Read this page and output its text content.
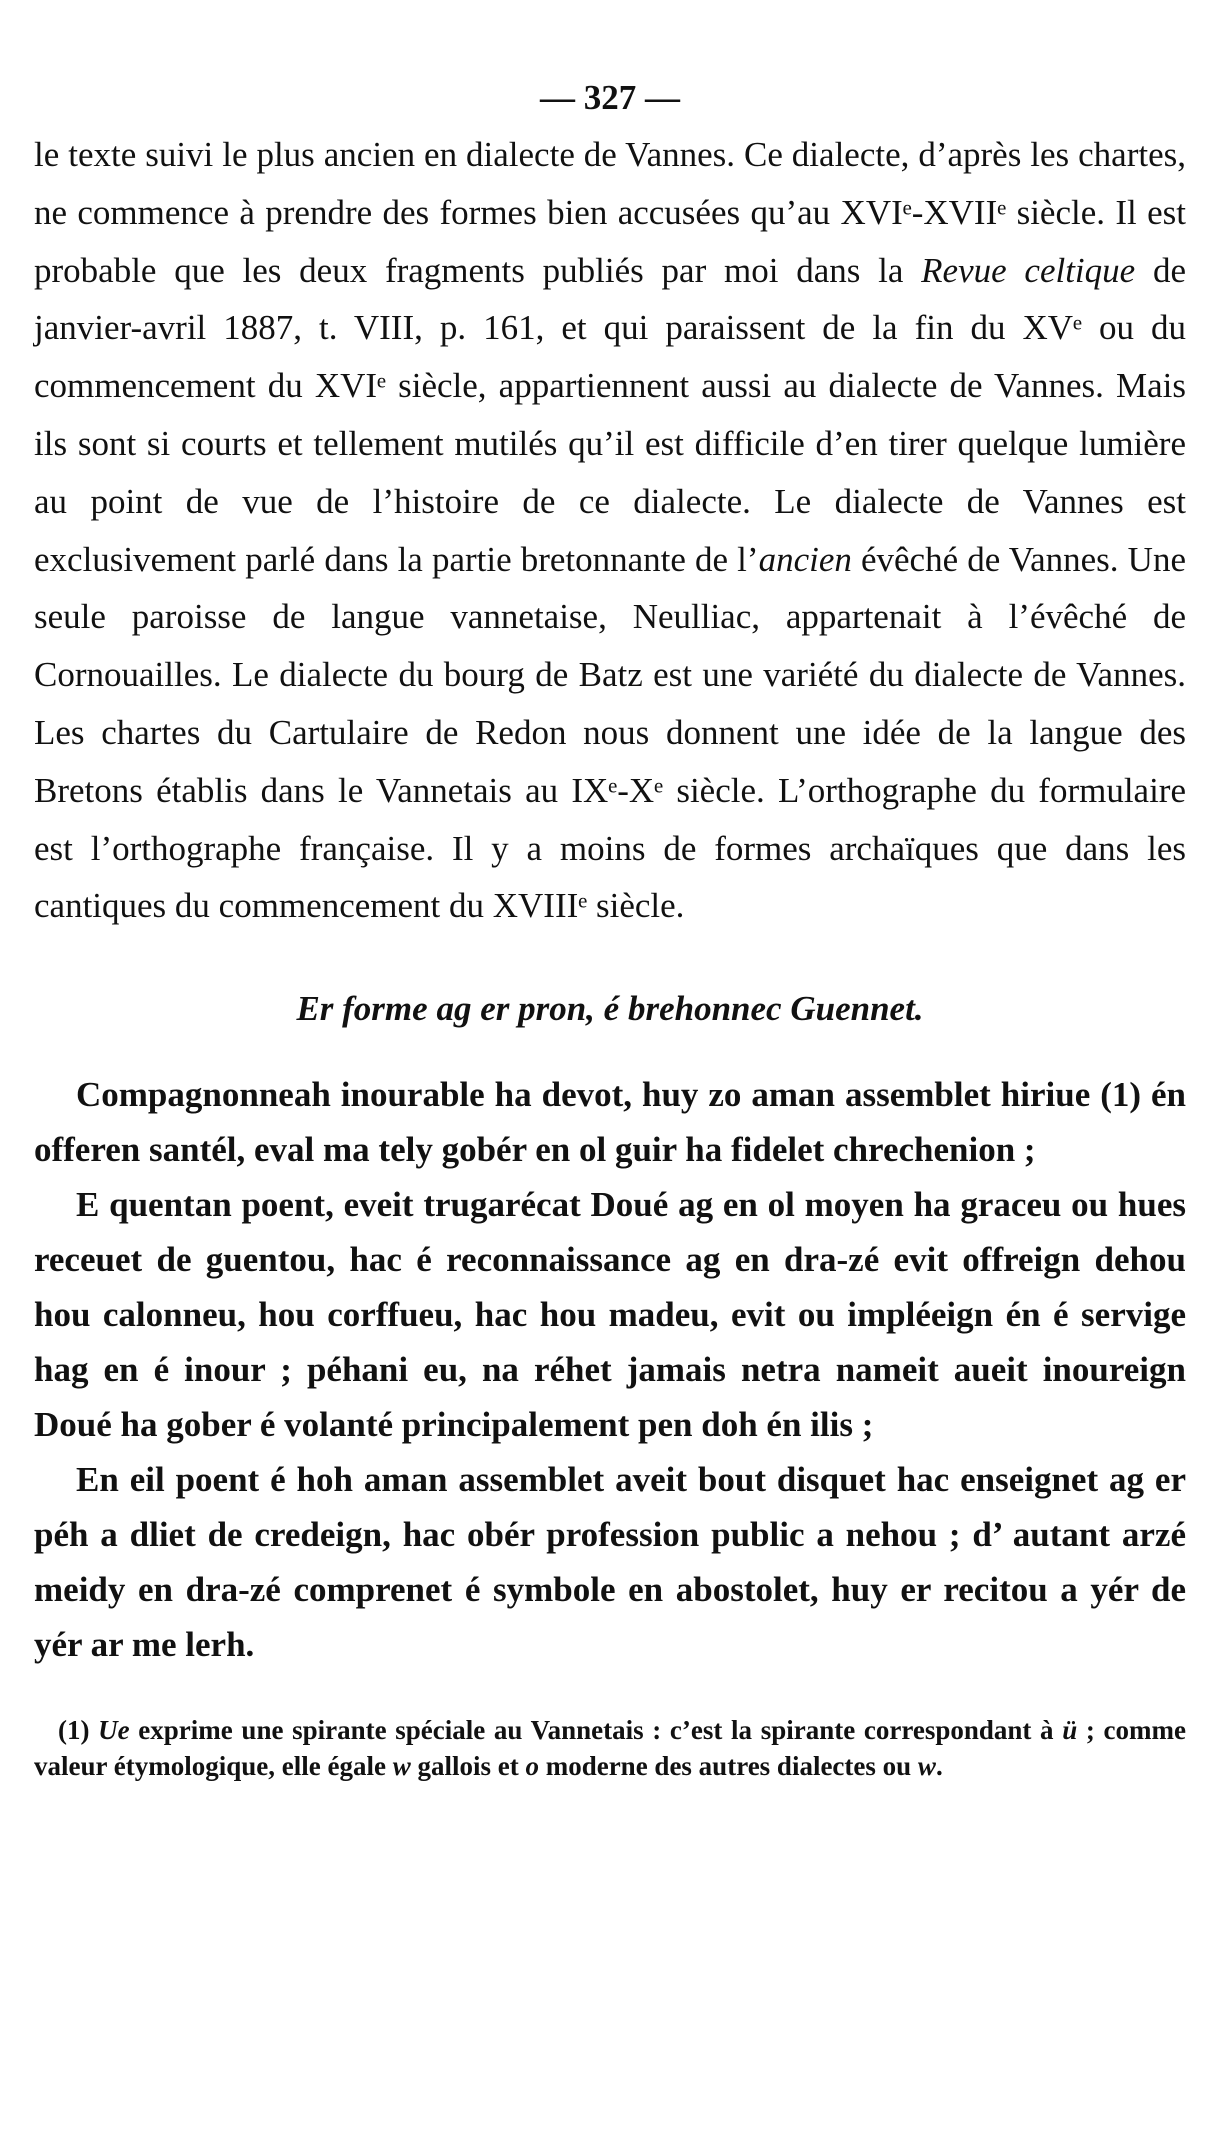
— 327 —

le texte suivi le plus ancien en dialecte de Vannes. Ce dialecte, d’après les chartes, ne commence à prendre des formes bien accusées qu’au XVIᵉ-XVIIᵉ siècle. Il est probable que les deux fragments publiés par moi dans la Revue celtique de janvier-avril 1887, t. VIII, p. 161, et qui paraissent de la fin du XVᵉ ou du commencement du XVIᵉ siècle, appartiennent aussi au dialecte de Vannes. Mais ils sont si courts et tellement mutilés qu’il est difficile d’en tirer quelque lumière au point de vue de l’histoire de ce dialecte. Le dialecte de Vannes est exclusivement parlé dans la partie bretonnante de l’ancien évêché de Vannes. Une seule paroisse de langue vannetaise, Neulliac, appartenait à l’évêché de Cornouailles. Le dialecte du bourg de Batz est une variété du dialecte de Vannes. Les chartes du Cartulaire de Redon nous donnent une idée de la langue des Bretons établis dans le Vannetais au IXᵉ-Xᵉ siècle. L’orthographe du formulaire est l’orthographe française. Il y a moins de formes archaïques que dans les cantiques du commencement du XVIIIᵉ siècle.

Er forme ag er pron, é brehonnec Guennet.

Compagnonneah inourable ha devot, huy zo aman assemblet hiriue (1) én offeren santél, eval ma tely gobér en ol guir ha fidelet chrechenion ;

E quentan poent, eveit trugarécat Doué ag en ol moyen ha graceu ou hues receuet de guentou, hac é reconnaissance ag en dra-zé evit offreign dehou hou calonneu, hou corffueu, hac hou madeu, evit ou impléeign én é servige hag en é inour ; péhani eu, na réhet jamais netra nameit aueit inoureign Doué ha gober é volanté principalement pen doh én ilis ;

En eil poent é hoh aman assemblet aveit bout disquet hac enseignet ag er péh a dliet de credeign, hac obér profession public a nehou ; d’ autant arzé meidy en dra-zé comprenet é symbole en abostolet, huy er recitou a yér de yér ar me lerh.

(1) Ue exprime une spirante spéciale au Vannetais : c’est la spirante correspondant à ü ; comme valeur étymologique, elle égale w gallois et o moderne des autres dialectes ou w.
